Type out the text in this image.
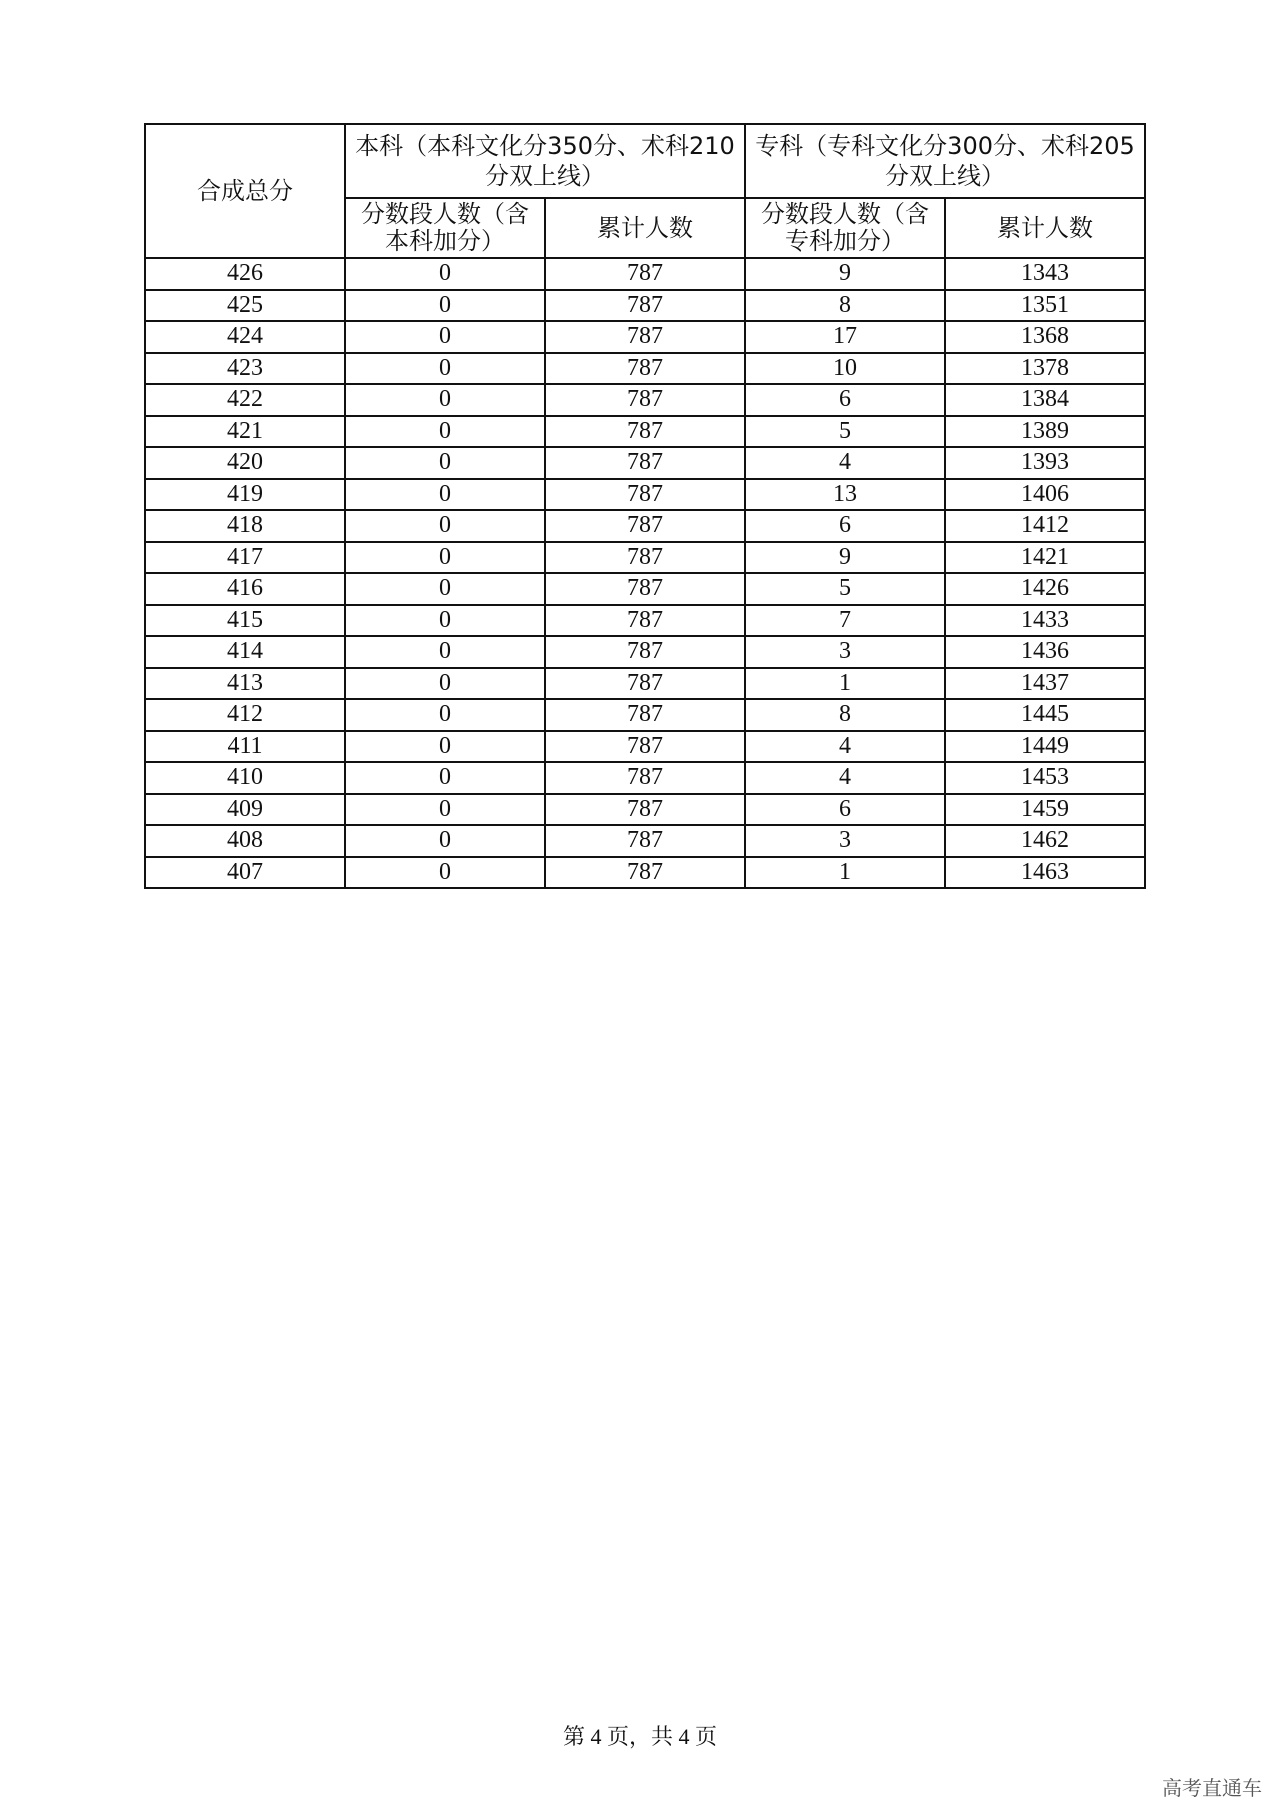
合成总分	本科（本科文化分350分、术科210分双上线）		专科（专科文化分300分、术科205分双上线）	
	分数段人数（含本科加分）	累计人数	分数段人数（含专科加分）	累计人数
426	0	787	9	1343
425	0	787	8	1351
424	0	787	17	1368
423	0	787	10	1378
422	0	787	6	1384
421	0	787	5	1389
420	0	787	4	1393
419	0	787	13	1406
418	0	787	6	1412
417	0	787	9	1421
416	0	787	5	1426
415	0	787	7	1433
414	0	787	3	1436
413	0	787	1	1437
412	0	787	8	1445
411	0	787	4	1449
410	0	787	4	1453
409	0	787	6	1459
408	0	787	3	1462
407	0	787	1	1463
第 4 页，共 4 页
高考直通车
